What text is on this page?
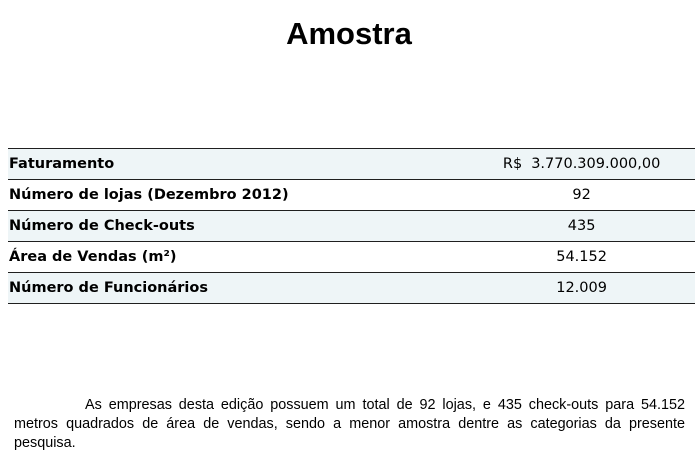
Amostra
Faturamento	R$ 3.770.309.000,00
Número de lojas (Dezembro 2012)	92
Número de Check-outs	435
Área de Vendas (m²)	54.152
Número de Funcionários	12.009

As empresas desta edição possuem um total de 92 lojas, e 435 check-outs para 54.152 metros quadrados de área de vendas, sendo a menor amostra dentre as categorias da presente pesquisa.
